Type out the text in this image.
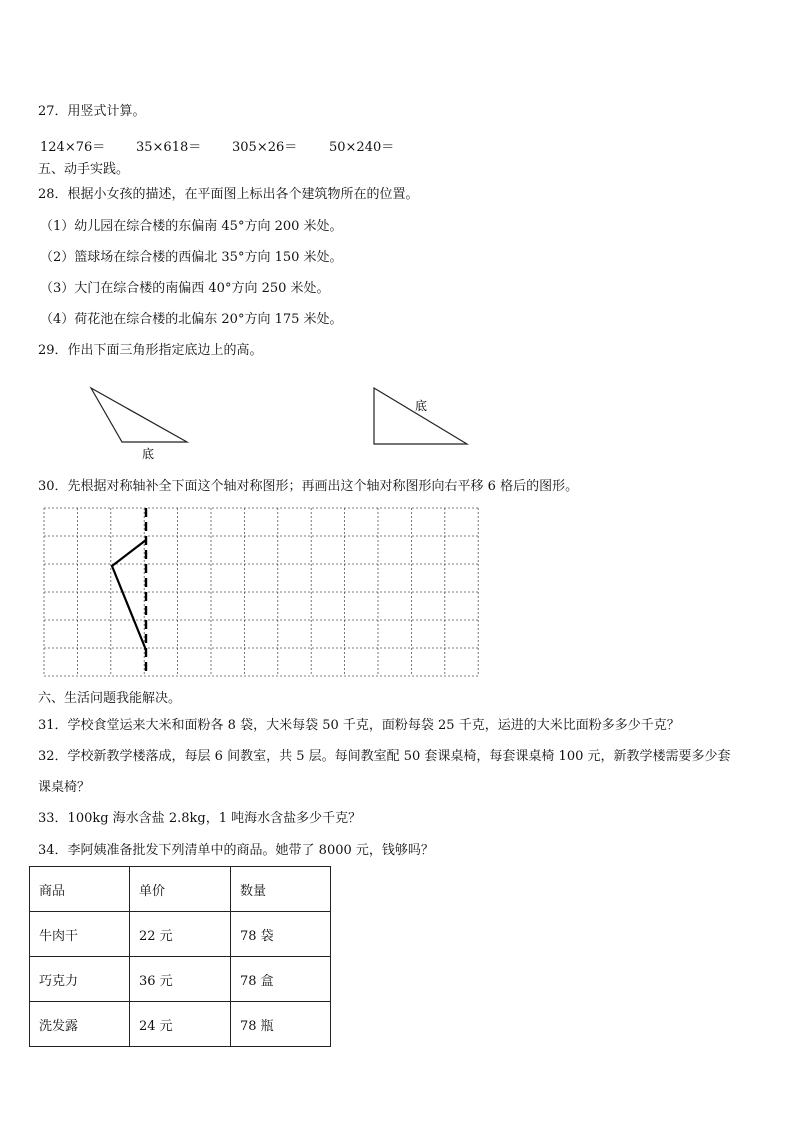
27．用竖式计算。
124×76＝ 35×618＝ 305×26＝ 50×240＝
五、动手实践。
28．根据小女孩的描述，在平面图上标出各个建筑物所在的位置。
（1）幼儿园在综合楼的东偏南 45°方向 200 米处。
（2）篮球场在综合楼的西偏北 35°方向 150 米处。
（3）大门在综合楼的南偏西 40°方向 250 米处。
（4）荷花池在综合楼的北偏东 20°方向 175 米处。
29．作出下面三角形指定底边上的高。
底
底
30．先根据对称轴补全下面这个轴对称图形；再画出这个轴对称图形向右平移 6 格后的图形。
六、生活问题我能解决。
31．学校食堂运来大米和面粉各 8 袋，大米每袋 50 千克，面粉每袋 25 千克，运进的大米比面粉多多少千克？
32．学校新教学楼落成，每层 6 间教室，共 5 层。每间教室配 50 套课桌椅，每套课桌椅 100 元，新教学楼需要多少套
课桌椅？
33．100kg 海水含盐 2.8kg，1 吨海水含盐多少千克？
34．李阿姨准备批发下列清单中的商品。她带了 8000 元，钱够吗？
商品	单价	数量
牛肉干	22 元	78 袋
巧克力	36 元	78 盒
洗发露	24 元	78 瓶
